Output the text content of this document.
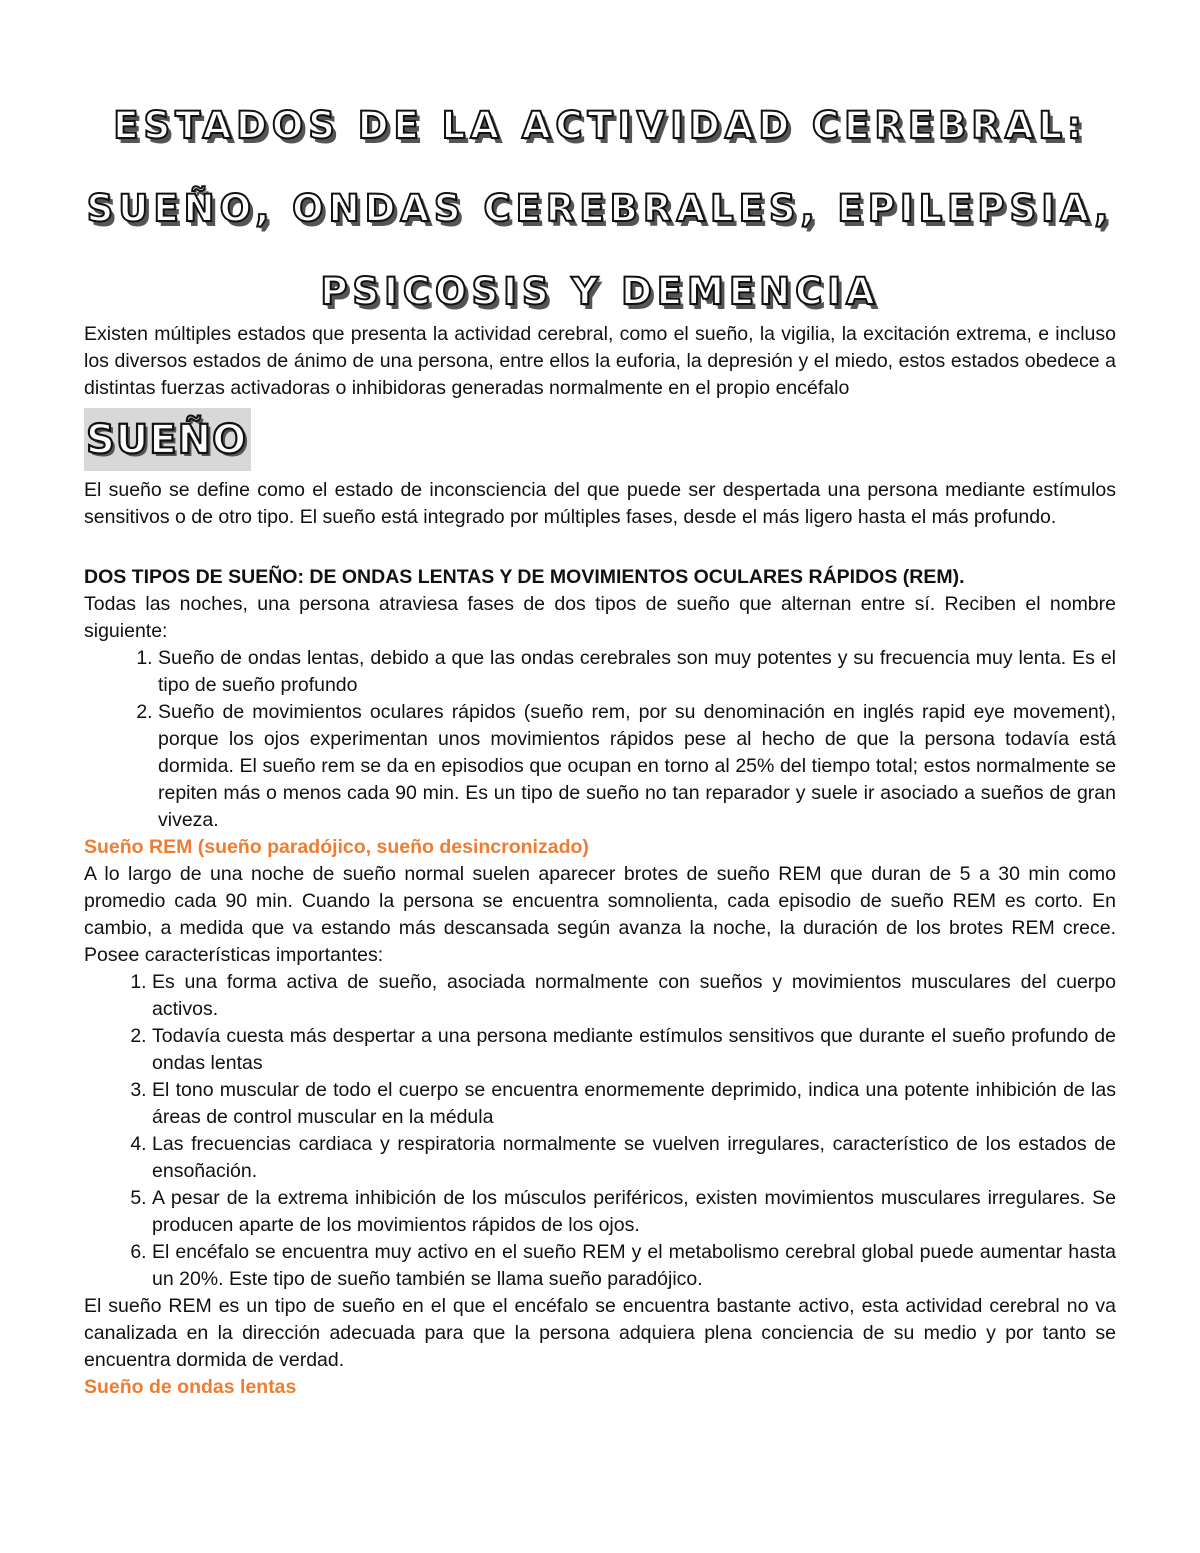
ESTADOS DE LA ACTIVIDAD CEREBRAL: SUEÑO, ONDAS CEREBRALES, EPILEPSIA, PSICOSIS Y DEMENCIA

Existen múltiples estados que presenta la actividad cerebral, como el sueño, la vigilia, la excitación extrema, e incluso los diversos estados de ánimo de una persona, entre ellos la euforia, la depresión y el miedo, estos estados obedece a distintas fuerzas activadoras o inhibidoras generadas normalmente en el propio encéfalo

SUEÑO

El sueño se define como el estado de inconsciencia del que puede ser despertada una persona mediante estímulos sensitivos o de otro tipo. El sueño está integrado por múltiples fases, desde el más ligero hasta el más profundo.

DOS TIPOS DE SUEÑO: DE ONDAS LENTAS Y DE MOVIMIENTOS OCULARES RÁPIDOS (REM).

Todas las noches, una persona atraviesa fases de dos tipos de sueño que alternan entre sí. Reciben el nombre siguiente:

1. Sueño de ondas lentas, debido a que las ondas cerebrales son muy potentes y su frecuencia muy lenta. Es el tipo de sueño profundo
2. Sueño de movimientos oculares rápidos (sueño rem, por su denominación en inglés rapid eye movement), porque los ojos experimentan unos movimientos rápidos pese al hecho de que la persona todavía está dormida. El sueño rem se da en episodios que ocupan en torno al 25% del tiempo total; estos normalmente se repiten más o menos cada 90 min. Es un tipo de sueño no tan reparador y suele ir asociado a sueños de gran viveza.
Sueño REM (sueño paradójico, sueño desincronizado)

A lo largo de una noche de sueño normal suelen aparecer brotes de sueño REM que duran de 5 a 30 min como promedio cada 90 min. Cuando la persona se encuentra somnolienta, cada episodio de sueño REM es corto. En cambio, a medida que va estando más descansada según avanza la noche, la duración de los brotes REM crece. Posee características importantes:

1. Es una forma activa de sueño, asociada normalmente con sueños y movimientos musculares del cuerpo activos.
2. Todavía cuesta más despertar a una persona mediante estímulos sensitivos que durante el sueño profundo de ondas lentas
3. El tono muscular de todo el cuerpo se encuentra enormemente deprimido, indica una potente inhibición de las áreas de control muscular en la médula
4. Las frecuencias cardiaca y respiratoria normalmente se vuelven irregulares, característico de los estados de ensoñación.
5. A pesar de la extrema inhibición de los músculos periféricos, existen movimientos musculares irregulares. Se producen aparte de los movimientos rápidos de los ojos.
6. El encéfalo se encuentra muy activo en el sueño REM y el metabolismo cerebral global puede aumentar hasta un 20%. Este tipo de sueño también se llama sueño paradójico.

El sueño REM es un tipo de sueño en el que el encéfalo se encuentra bastante activo, esta actividad cerebral no va canalizada en la dirección adecuada para que la persona adquiera plena conciencia de su medio y por tanto se encuentra dormida de verdad.

Sueño de ondas lentas
